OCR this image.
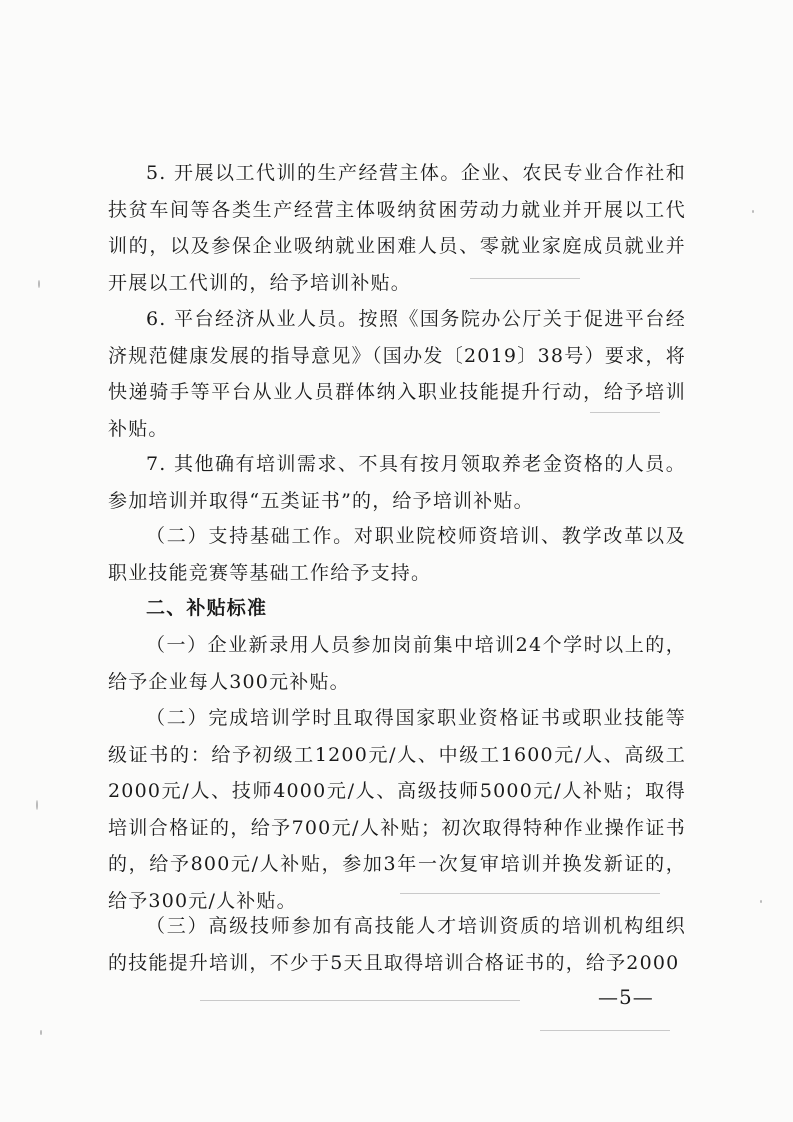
5. 开展以工代训的生产经营主体。企业、农民专业合作社和扶贫车间等各类生产经营主体吸纳贫困劳动力就业并开展以工代训的，以及参保企业吸纳就业困难人员、零就业家庭成员就业并开展以工代训的，给予培训补贴。

6. 平台经济从业人员。按照《国务院办公厅关于促进平台经济规范健康发展的指导意见》（国办发〔2019〕38号）要求，将快递骑手等平台从业人员群体纳入职业技能提升行动，给予培训补贴。

7. 其他确有培训需求、不具有按月领取养老金资格的人员。参加培训并取得“五类证书”的，给予培训补贴。

（二）支持基础工作。对职业院校师资培训、教学改革以及职业技能竞赛等基础工作给予支持。

二、补贴标准

（一）企业新录用人员参加岗前集中培训24个学时以上的，给予企业每人300元补贴。

（二）完成培训学时且取得国家职业资格证书或职业技能等级证书的：给予初级工1200元/人、中级工1600元/人、高级工2000元/人、技师4000元/人、高级技师5000元/人补贴；取得培训合格证的，给予700元/人补贴；初次取得特种作业操作证书的，给予800元/人补贴，参加3年一次复审培训并换发新证的，给予300元/人补贴。

（三）高级技师参加有高技能人才培训资质的培训机构组织的技能提升培训，不少于5天且取得培训合格证书的，给予2000

—5—
